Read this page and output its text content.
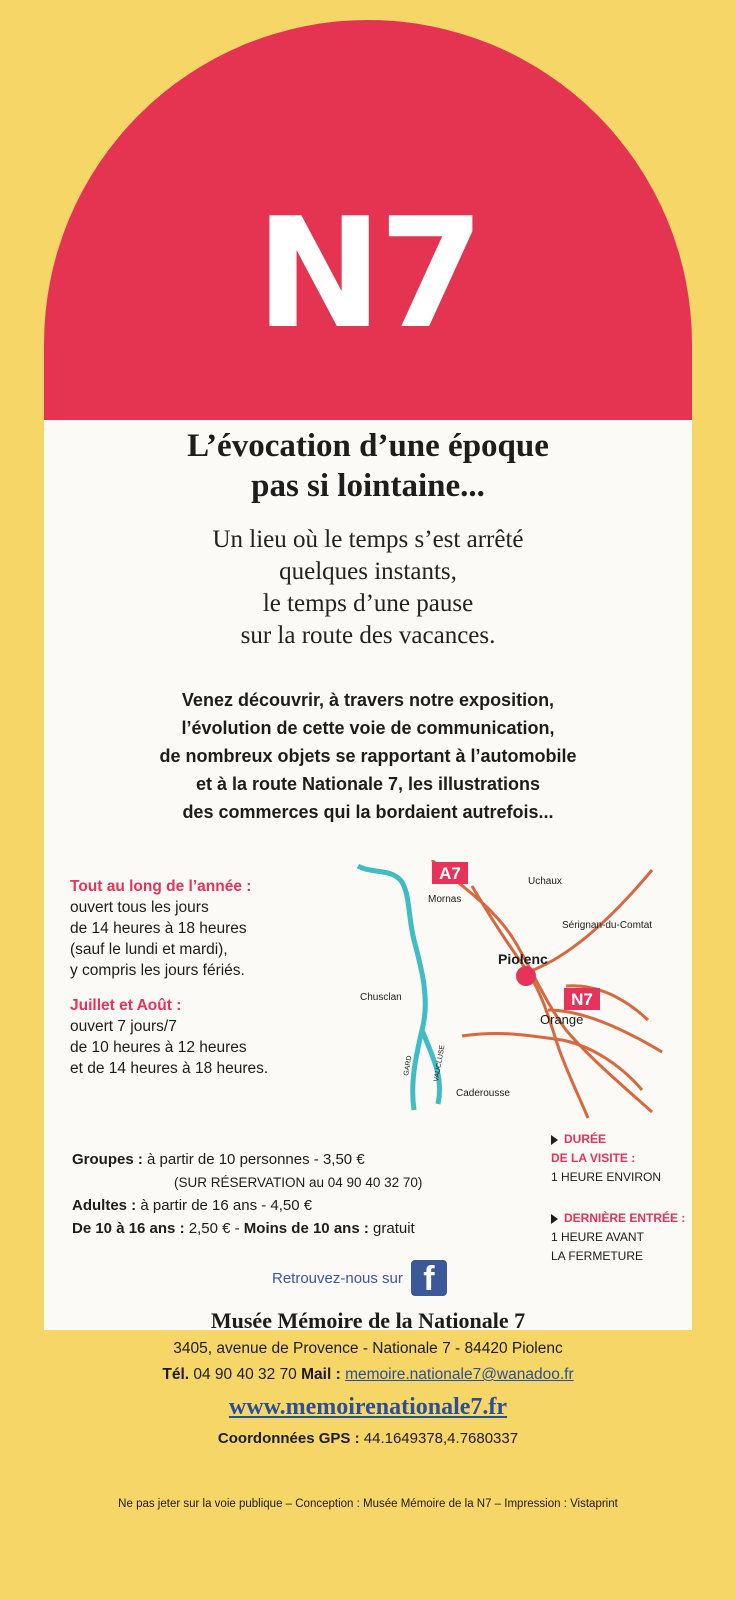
N7
L’évocation d’une époque
pas si lointaine...
Un lieu où le temps s’est arrêté
quelques instants,
le temps d’une pause
sur la route des vacances.
Venez découvrir, à travers notre exposition,
l’évolution de cette voie de communication,
de nombreux objets se rapportant à l’automobile
et à la route Nationale 7, les illustrations
des commerces qui la bordaient autrefois...
Tout au long de l’année :
ouvert tous les jours
de 14 heures à 18 heures
(sauf le lundi et mardi),
y compris les jours fériés.
Juillet et Août :
ouvert 7 jours/7
de 10 heures à 12 heures
et de 14 heures à 18 heures.
A7
N7
Uchaux
Mornas
Sérignan-du-Comtat
Piolenc
Chusclan
Orange
GARD	VAUCLUSE
Caderousse
Groupes : à partir de 10 personnes - 3,50 €
(SUR RÉSERVATION au 04 90 40 32 70)
Adultes : à partir de 16 ans - 4,50 €
De 10 à 16 ans : 2,50 € - Moins de 10 ans : gratuit
DURÉE
DE LA VISITE :
1 HEURE ENVIRON
DERNIÈRE ENTRÉE :
1 HEURE AVANT
LA FERMETURE
Retrouvez-nous sur f
Musée Mémoire de la Nationale 7
3405, avenue de Provence - Nationale 7 - 84420 Piolenc
Tél. 04 90 40 32 70 Mail : memoire.nationale7@wanadoo.fr
www.memoirenationale7.fr
Coordonnées GPS : 44.1649378,4.7680337
Ne pas jeter sur la voie publique – Conception : Musée Mémoire de la N7 – Impression : Vistaprint
